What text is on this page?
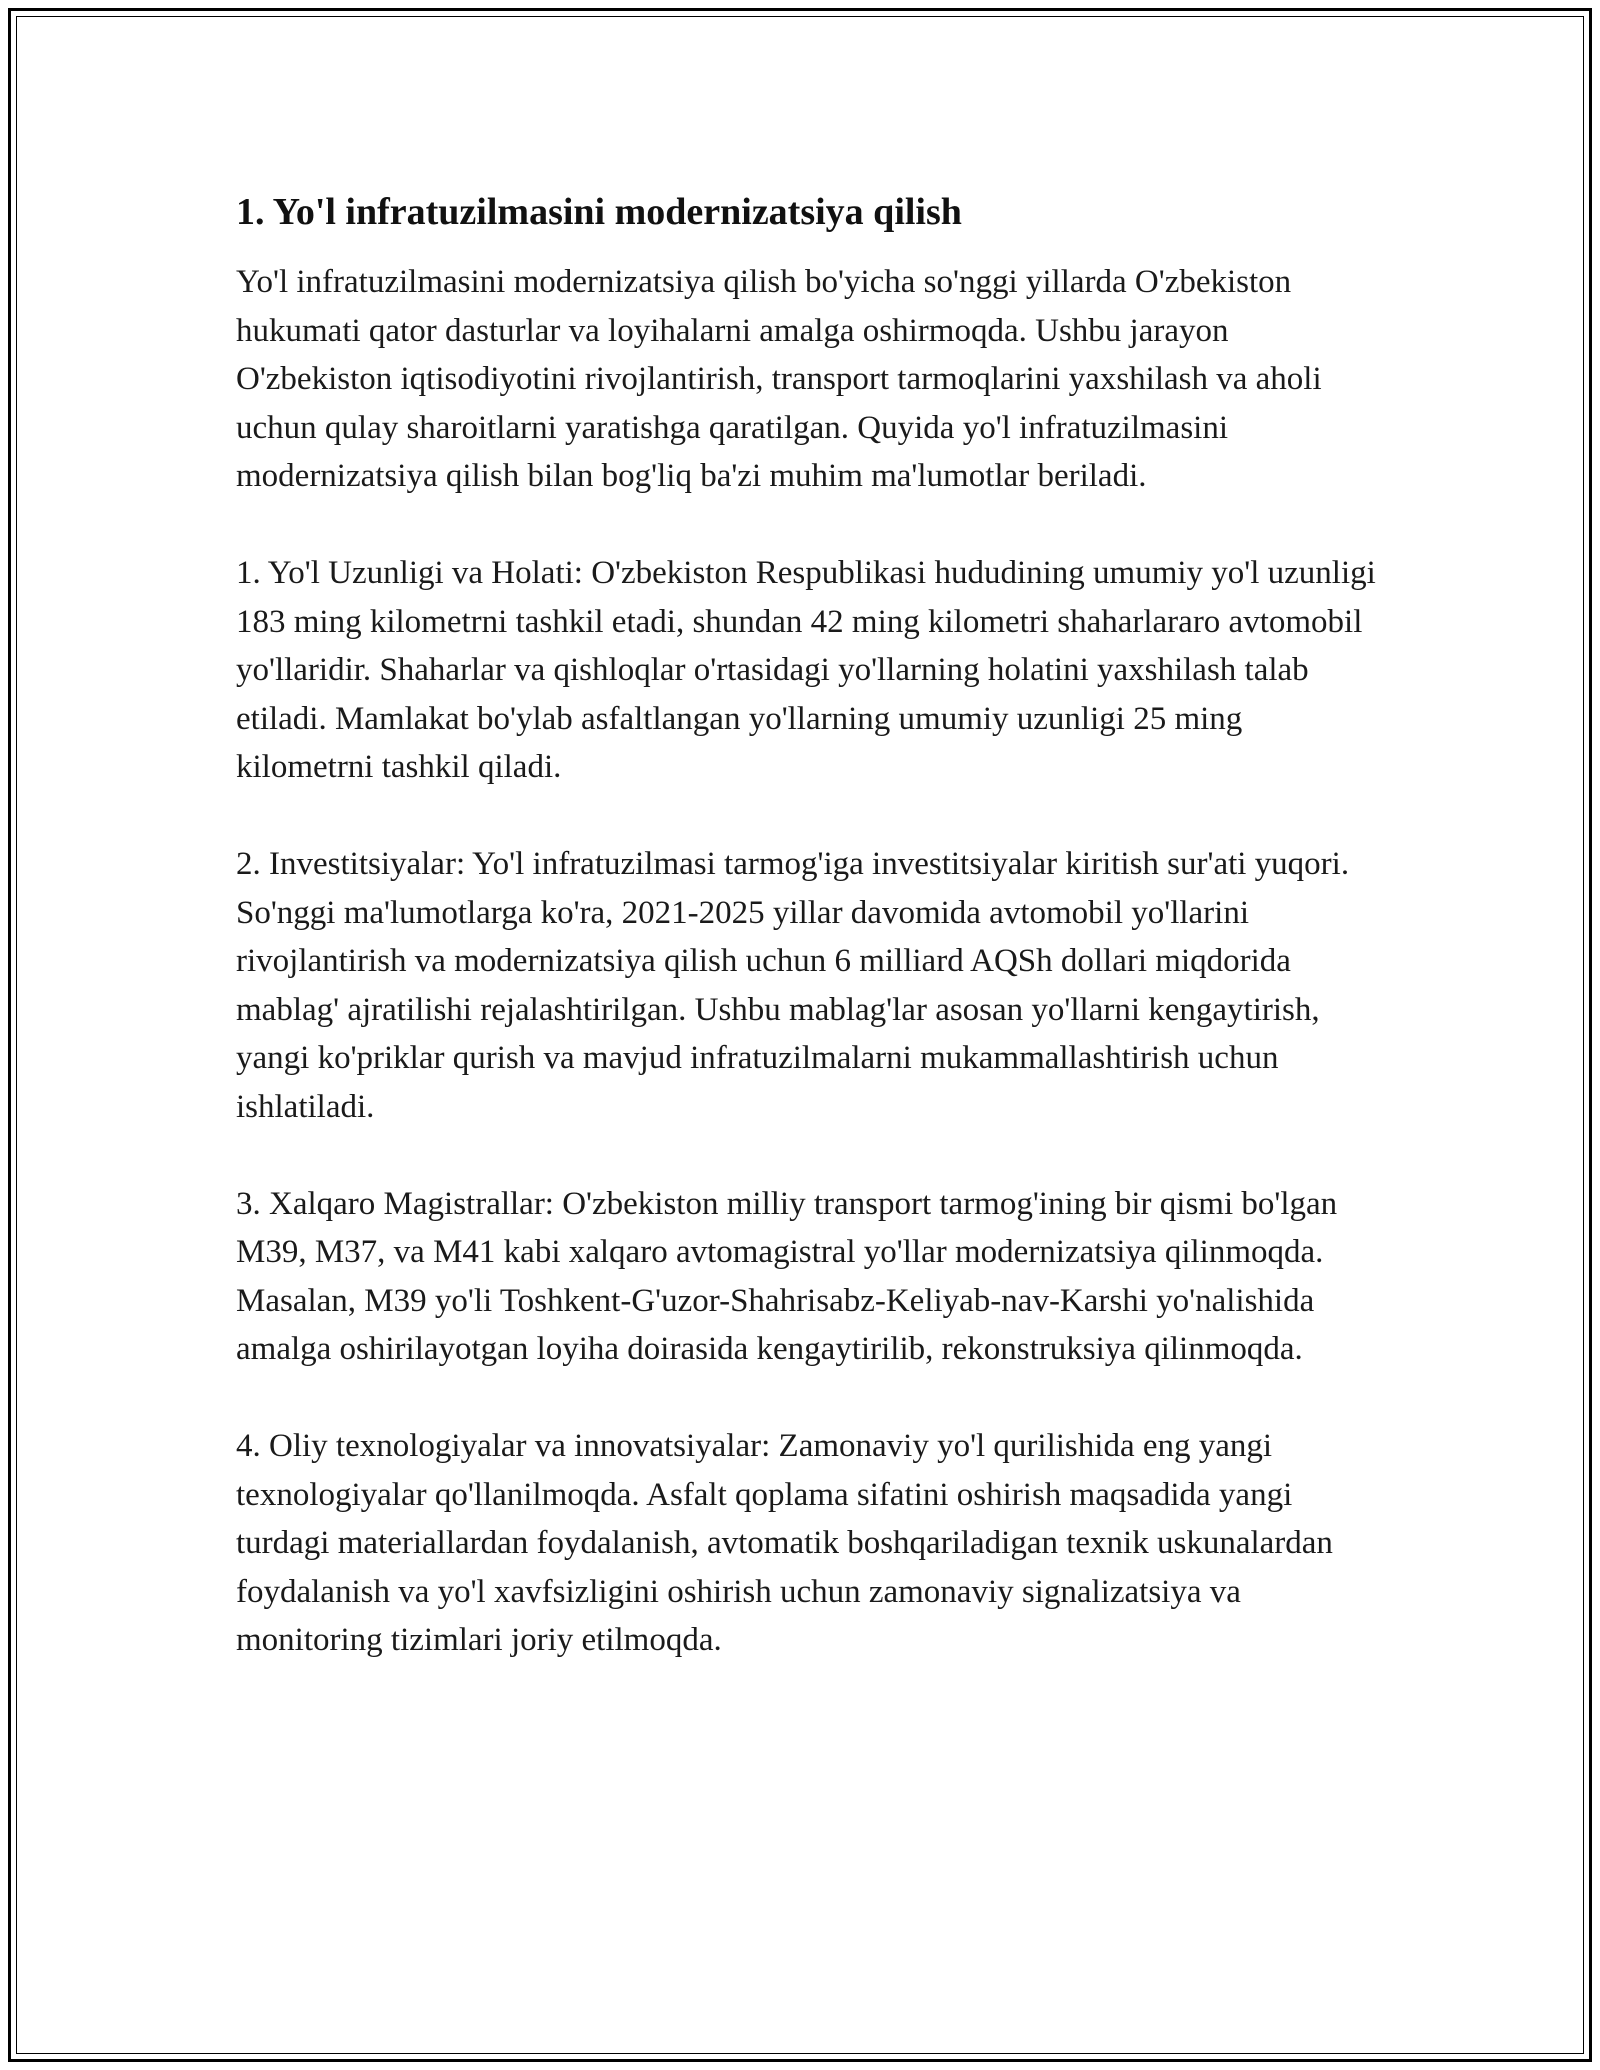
1. Yo'l infratuzilmasini modernizatsiya qilish

Yo'l infratuzilmasini modernizatsiya qilish bo'yicha so'nggi yillarda O'zbekiston hukumati qator dasturlar va loyihalarni amalga oshirmoqda. Ushbu jarayon O'zbekiston iqtisodiyotini rivojlantirish, transport tarmoqlarini yaxshilash va aholi uchun qulay sharoitlarni yaratishga qaratilgan. Quyida yo'l infratuzilmasini modernizatsiya qilish bilan bog'liq ba'zi muhim ma'lumotlar beriladi.

1. Yo'l Uzunligi va Holati: O'zbekiston Respublikasi hududining umumiy yo'l uzunligi 183 ming kilometrni tashkil etadi, shundan 42 ming kilometri shaharlararo avtomobil yo'llaridir. Shaharlar va qishloqlar o'rtasidagi yo'llarning holatini yaxshilash talab etiladi. Mamlakat bo'ylab asfaltlangan yo'llarning umumiy uzunligi 25 ming kilometrni tashkil qiladi.

2. Investitsiyalar: Yo'l infratuzilmasi tarmog'iga investitsiyalar kiritish sur'ati yuqori. So'nggi ma'lumotlarga ko'ra, 2021-2025 yillar davomida avtomobil yo'llarini rivojlantirish va modernizatsiya qilish uchun 6 milliard AQSh dollari miqdorida mablag' ajratilishi rejalashtirilgan. Ushbu mablag'lar asosan yo'llarni kengaytirish, yangi ko'priklar qurish va mavjud infratuzilmalarni mukammallashtirish uchun ishlatiladi.

3. Xalqaro Magistrallar: O'zbekiston milliy transport tarmog'ining bir qismi bo'lgan M39, M37, va M41 kabi xalqaro avtomagistral yo'llar modernizatsiya qilinmoqda. Masalan, M39 yo'li Toshkent-G'uzor-Shahrisabz-Keliyab-nav-Karshi yo'nalishida amalga oshirilayotgan loyiha doirasida kengaytirilib, rekonstruksiya qilinmoqda.

4. Oliy texnologiyalar va innovatsiyalar: Zamonaviy yo'l qurilishida eng yangi texnologiyalar qo'llanilmoqda. Asfalt qoplama sifatini oshirish maqsadida yangi turdagi materiallardan foydalanish, avtomatik boshqariladigan texnik uskunalardan foydalanish va yo'l xavfsizligini oshirish uchun zamonaviy signalizatsiya va monitoring tizimlari joriy etilmoqda.
